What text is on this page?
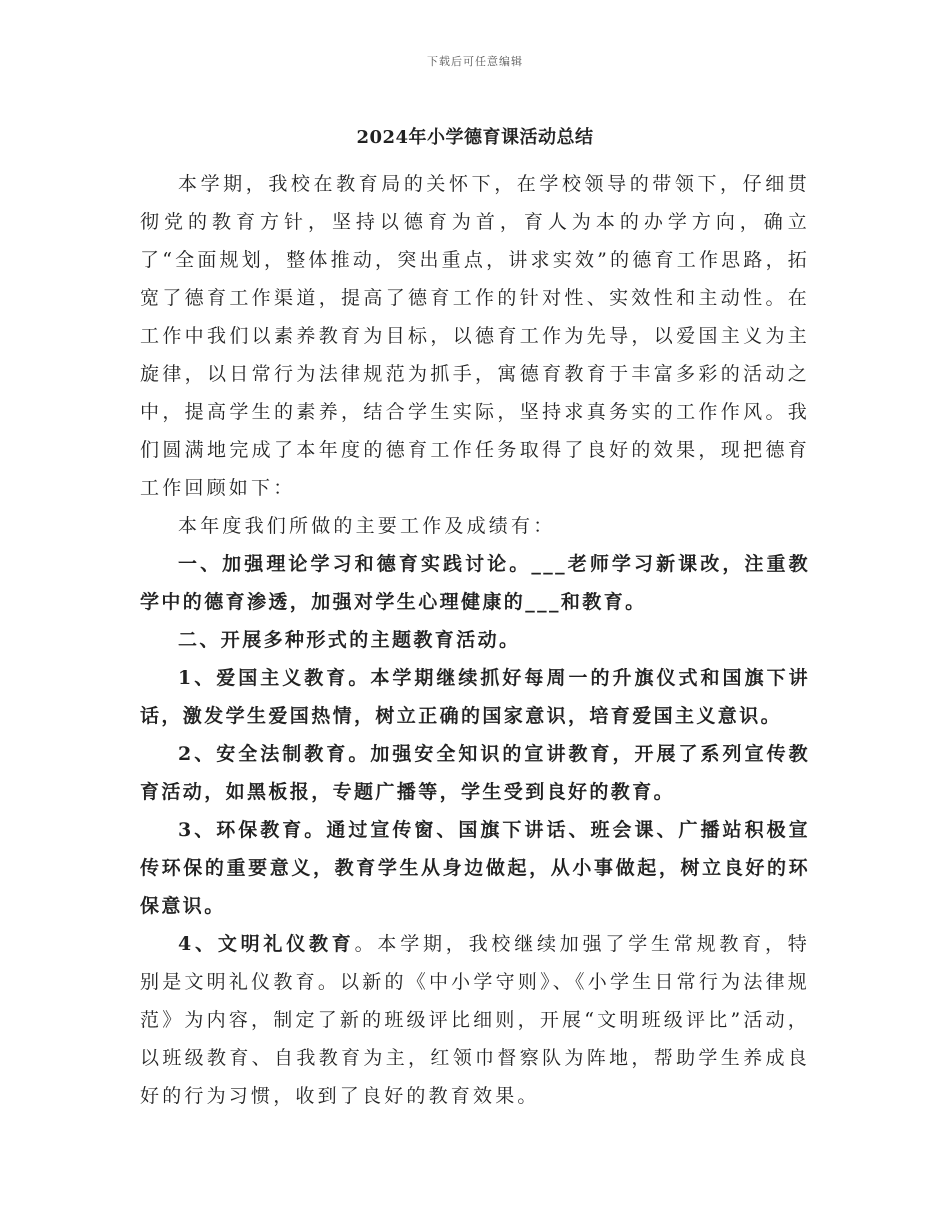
下载后可任意编辑
2024年小学德育课活动总结

本学期，我校在教育局的关怀下，在学校领导的带领下，仔细贯彻党的教育方针，坚持以德育为首，育人为本的办学方向，确立了“全面规划，整体推动，突出重点，讲求实效”的德育工作思路，拓宽了德育工作渠道，提高了德育工作的针对性、实效性和主动性。在工作中我们以素养教育为目标，以德育工作为先导，以爱国主义为主旋律，以日常行为法律规范为抓手，寓德育教育于丰富多彩的活动之中，提高学生的素养，结合学生实际，坚持求真务实的工作作风。我们圆满地完成了本年度的德育工作任务取得了良好的效果，现把德育工作回顾如下：

本年度我们所做的主要工作及成绩有：

一、加强理论学习和德育实践讨论。___老师学习新课改，注重教学中的德育渗透，加强对学生心理健康的___和教育。

二、开展多种形式的主题教育活动。

1、爱国主义教育。本学期继续抓好每周一的升旗仪式和国旗下讲话，激发学生爱国热情，树立正确的国家意识，培育爱国主义意识。

2、安全法制教育。加强安全知识的宣讲教育，开展了系列宣传教育活动，如黑板报，专题广播等，学生受到良好的教育。

3、环保教育。通过宣传窗、国旗下讲话、班会课、广播站积极宣传环保的重要意义，教育学生从身边做起，从小事做起，树立良好的环保意识。

4、文明礼仪教育。本学期，我校继续加强了学生常规教育，特别是文明礼仪教育。以新的《中小学守则》、《小学生日常行为法律规范》为内容，制定了新的班级评比细则，开展“文明班级评比”活动，以班级教育、自我教育为主，红领巾督察队为阵地，帮助学生养成良好的行为习惯，收到了良好的教育效果。
